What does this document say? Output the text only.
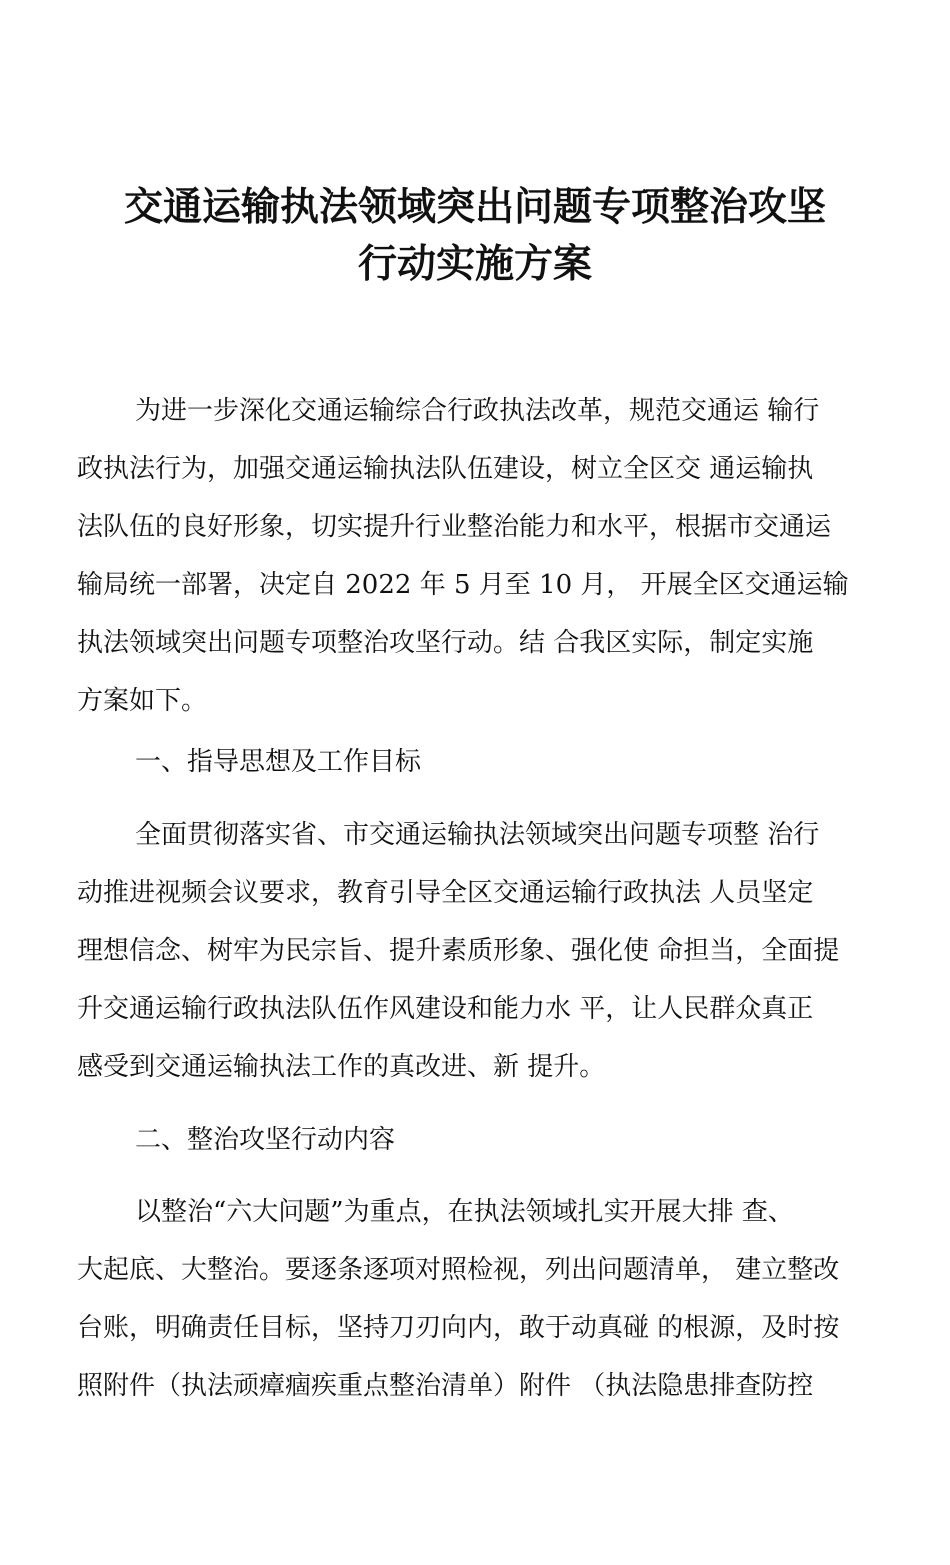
交通运输执法领域突出问题专项整治攻坚
行动实施方案

为进一步深化交通运输综合行政执法改革，规范交通运 输行

政执法行为，加强交通运输执法队伍建设，树立全区交 通运输执

法队伍的良好形象，切实提升行业整治能力和水平，根据市交通运

输局统一部署，决定自 2022 年 5 月至 10 月， 开展全区交通运输

执法领域突出问题专项整治攻坚行动。结 合我区实际，制定实施

方案如下。

一、指导思想及工作目标

全面贯彻落实省、市交通运输执法领域突出问题专项整 治行

动推进视频会议要求，教育引导全区交通运输行政执法 人员坚定

理想信念、树牢为民宗旨、提升素质形象、强化使 命担当，全面提

升交通运输行政执法队伍作风建设和能力水 平，让人民群众真正

感受到交通运输执法工作的真改进、新 提升。

二、整治攻坚行动内容

以整治“六大问题”为重点，在执法领域扎实开展大排 查、

大起底、大整治。要逐条逐项对照检视，列出问题清单， 建立整改

台账，明确责任目标，坚持刀刃向内，敢于动真碰 的根源，及时按

照附件（执法顽瘴痼疾重点整治清单）附件 （执法隐患排查防控
